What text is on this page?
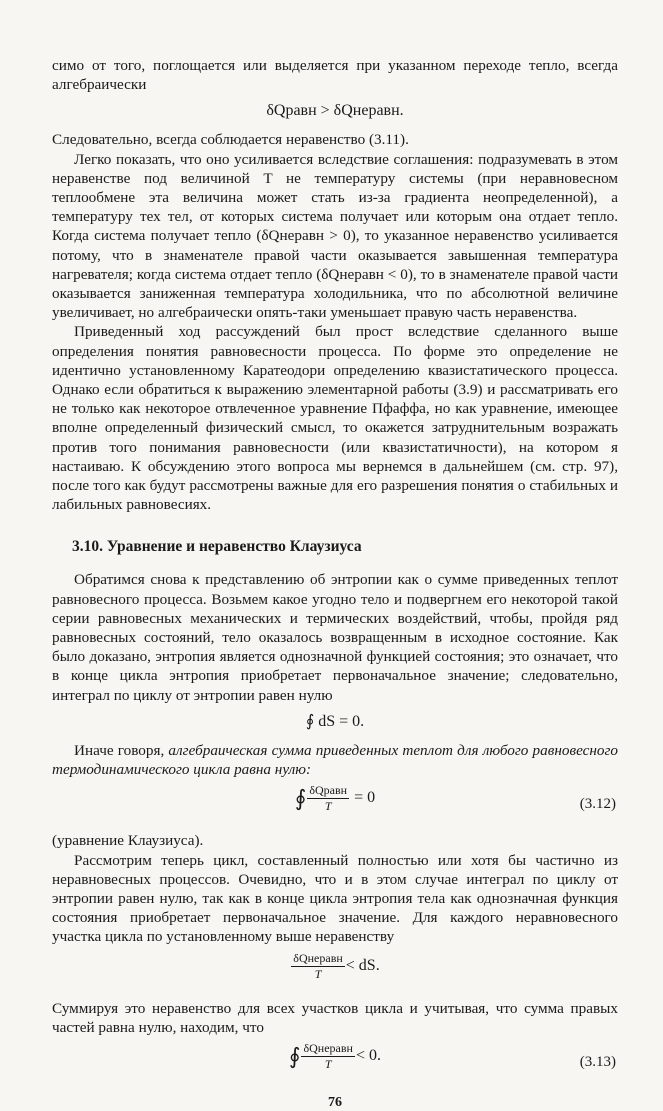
симо от того, поглощается или выделяется при указанном переходе тепло, всегда алгебраически

δQравн > δQнеравн.

Следовательно, всегда соблюдается неравенство (3.11).

Легко показать, что оно усиливается вследствие соглашения: подразумевать в этом неравенстве под величиной T не температуру системы (при неравновесном теплообмене эта величина может стать из-за градиента неопределенной), а температуру тех тел, от которых система получает или которым она отдает тепло. Когда система получает тепло (δQнеравн > 0), то указанное неравенство усиливается потому, что в знаменателе правой части оказывается завышенная температура нагревателя; когда система отдает тепло (δQнеравн < 0), то в знаменателе правой части оказывается заниженная температура холодильника, что по абсолютной величине увеличивает, но алгебраически опять-таки уменьшает правую часть неравенства.

Приведенный ход рассуждений был прост вследствие сделанного выше определения понятия равновесности процесса. По форме это определение не идентично установленному Каратеодори определению квазистатического процесса. Однако если обратиться к выражению элементарной работы (3.9) и рассматривать его не только как некоторое отвлеченное уравнение Пфаффа, но как уравнение, имеющее вполне определенный физический смысл, то окажется затруднительным возражать против того понимания равновесности (или квазистатичности), на котором я настаиваю. К обсуждению этого вопроса мы вернемся в дальнейшем (см. стр. 97), после того как будут рассмотрены важные для его разрешения понятия о стабильных и лабильных равновесиях.

3.10. Уравнение и неравенство Клаузиуса

Обратимся снова к представлению об энтропии как о сумме приведенных теплот равновесного процесса. Возьмем какое угодно тело и подвергнем его некоторой такой серии равновесных механических и термических воздействий, чтобы, пройдя ряд равновесных состояний, тело оказалось возвращенным в исходное состояние. Как было доказано, энтропия является однозначной функцией состояния; это означает, что в конце цикла энтропия приобретает первоначальное значение; следовательно, интеграл по циклу от энтропии равен нулю

∮ dS = 0.

Иначе говоря, алгебраическая сумма приведенных теплот для любого равновесного термодинамического цикла равна нулю:

∮ $\frac{\text{δQравн}}{T} = 0$	(3.12)

(уравнение Клаузиуса).

Рассмотрим теперь цикл, составленный полностью или хотя бы частично из неравновесных процессов. Очевидно, что и в этом случае интеграл по циклу от энтропии равен нулю, так как в конце цикла энтропия тела как однозначная функция состояния приобретает первоначальное значение. Для каждого неравновесного участка цикла по установленному выше неравенству

$\frac{\text{δQнеравн}}{T}$ < dS.

Суммируя это неравенство для всех участков цикла и учитывая, что сумма правых частей равна нулю, находим, что

∮ $\frac{\text{δQнеравн}}{T} < 0$.	(3.13)
76
